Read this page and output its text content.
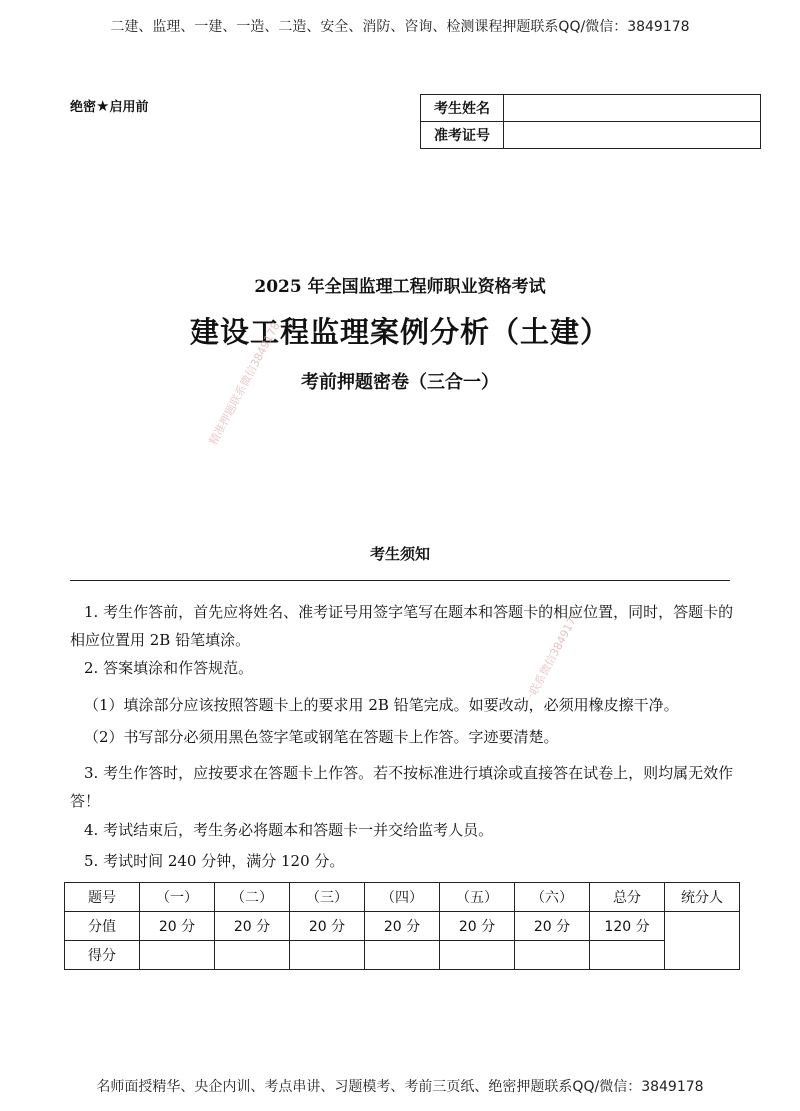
二建、监理、一建、一造、二造、安全、消防、咨询、检测课程押题联系QQ/微信：3849178
绝密★启用前	考生姓名	
准考证号	
2025 年全国监理工程师职业资格考试
建设工程监理案例分析（土建）
考前押题密卷（三合一）
精准押题联系微信3849178
一联系微信3849178
考生须知

1. 考生作答前，首先应将姓名、准考证号用签字笔写在题本和答题卡的相应位置，同时，答题卡的相应位置用 2B 铅笔填涂。

2. 答案填涂和作答规范。

（1）填涂部分应该按照答题卡上的要求用 2B 铅笔完成。如要改动，必须用橡皮擦干净。

（2）书写部分必须用黑色签字笔或钢笔在答题卡上作答。字迹要清楚。

3. 考生作答时，应按要求在答题卡上作答。若不按标准进行填涂或直接答在试卷上，则均属无效作答！

4. 考试结束后，考生务必将题本和答题卡一并交给监考人员。

5. 考试时间 240 分钟，满分 120 分。

题号	（一）	（二）	（三）	（四）	（五）	（六）	总分	统分人
分值	20 分	20 分	20 分	20 分	20 分	20 分	120 分	
得分								
名师面授精华、央企内训、考点串讲、习题模考、考前三页纸、绝密押题联系QQ/微信：3849178
